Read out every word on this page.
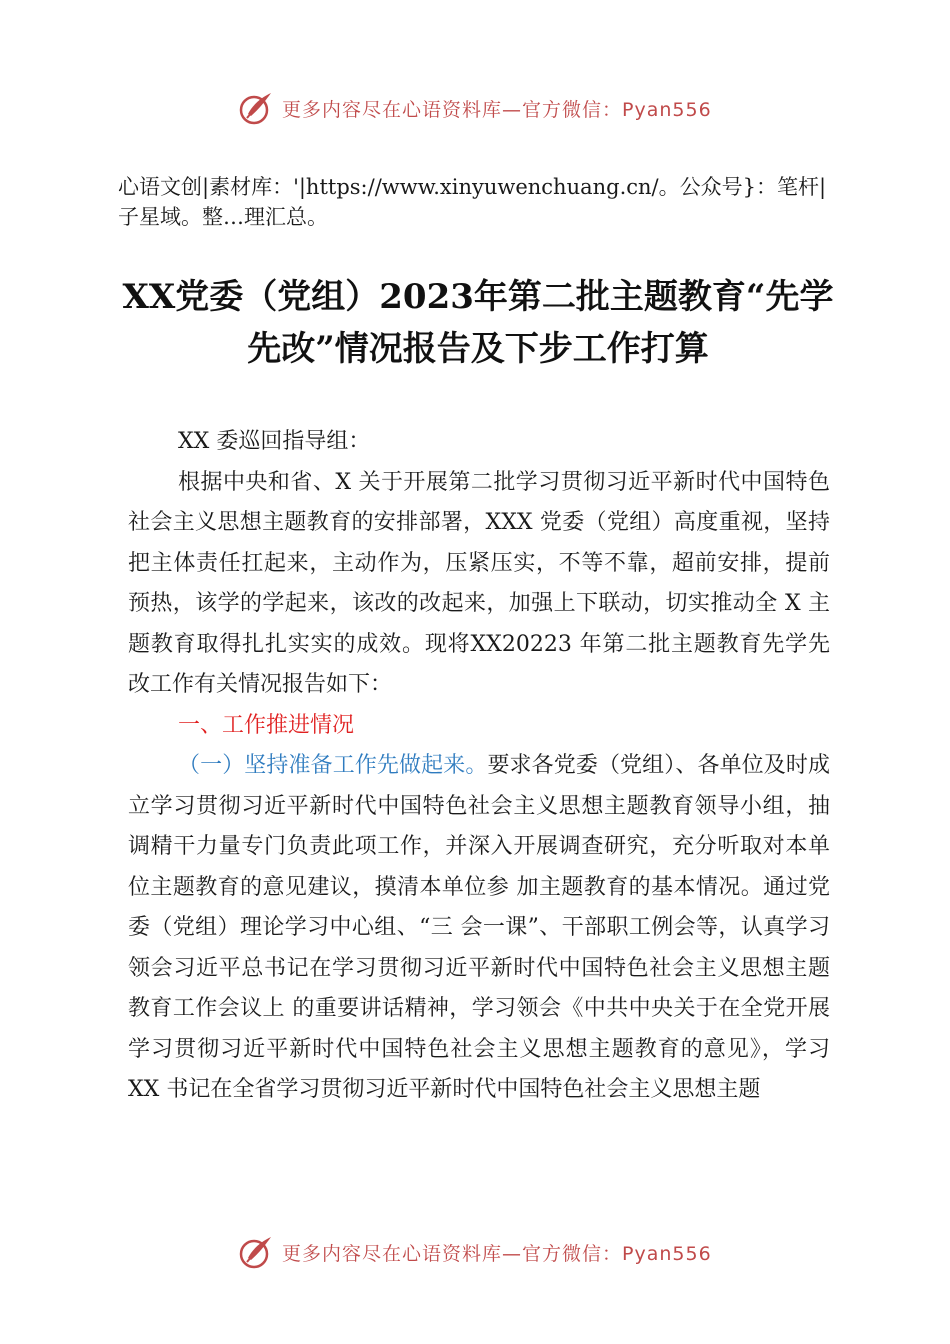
更多内容尽在心语资料库—官方微信：Pyan556
心语文创|素材库：'|https://www.xinyuwenchuang.cn/。公众号}：笔杆|子星域。整…理汇总。
XX党委（党组）2023年第二批主题教育“先学先改”情况报告及下步工作打算

XX 委巡回指导组：

根据中央和省、X 关于开展第二批学习贯彻习近平新时代中国特色社会主义思想主题教育的安排部署，XXX 党委（党组）高度重视，坚持把主体责任扛起来，主动作为，压紧压实，不等不靠，超前安排，提前预热，该学的学起来，该改的改起来，加强上下联动，切实推动全 X 主题教育取得扎扎实实的成效。现将XX20223 年第二批主题教育先学先改工作有关情况报告如下：

一、工作推进情况

（一）坚持准备工作先做起来。要求各党委（党组）、各单位及时成立学习贯彻习近平新时代中国特色社会主义思想主题教育领导小组，抽调精干力量专门负责此项工作，并深入开展调查研究，充分听取对本单位主题教育的意见建议，摸清本单位参 加主题教育的基本情况。通过党委（党组）理论学习中心组、“三 会一课”、干部职工例会等，认真学习领会习近平总书记在学习贯彻习近平新时代中国特色社会主义思想主题教育工作会议上 的重要讲话精神，学习领会《中共中央关于在全党开展学习贯彻习近平新时代中国特色社会主义思想主题教育的意见》，学习 XX 书记在全省学习贯彻习近平新时代中国特色社会主义思想主题

更多内容尽在心语资料库—官方微信：Pyan556
